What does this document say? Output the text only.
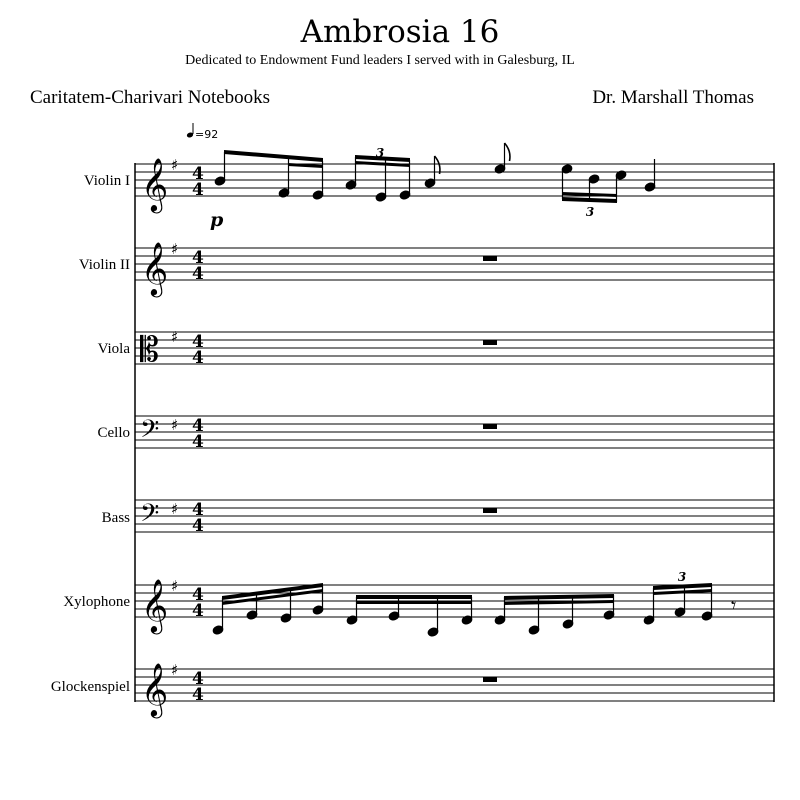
Ambrosia 16
Dedicated to Endowment Fund leaders I served with in Galesburg, IL
Caritatem-Charivari Notebooks	Dr. Marshall Thomas
Violin I
Violin II
Viola
Cello
Bass
Xylophone
Glockenspiel
=92
𝄞 ♯ 4
4
𝄞 ♯ 4
4
𝄡 ♯ 4
4
𝄢 ♯ 4
4
𝄢 ♯ 4
4
𝄞 ♯ 4
4
𝄞 ♯ 4
4
3
3
p
3
𝄾
